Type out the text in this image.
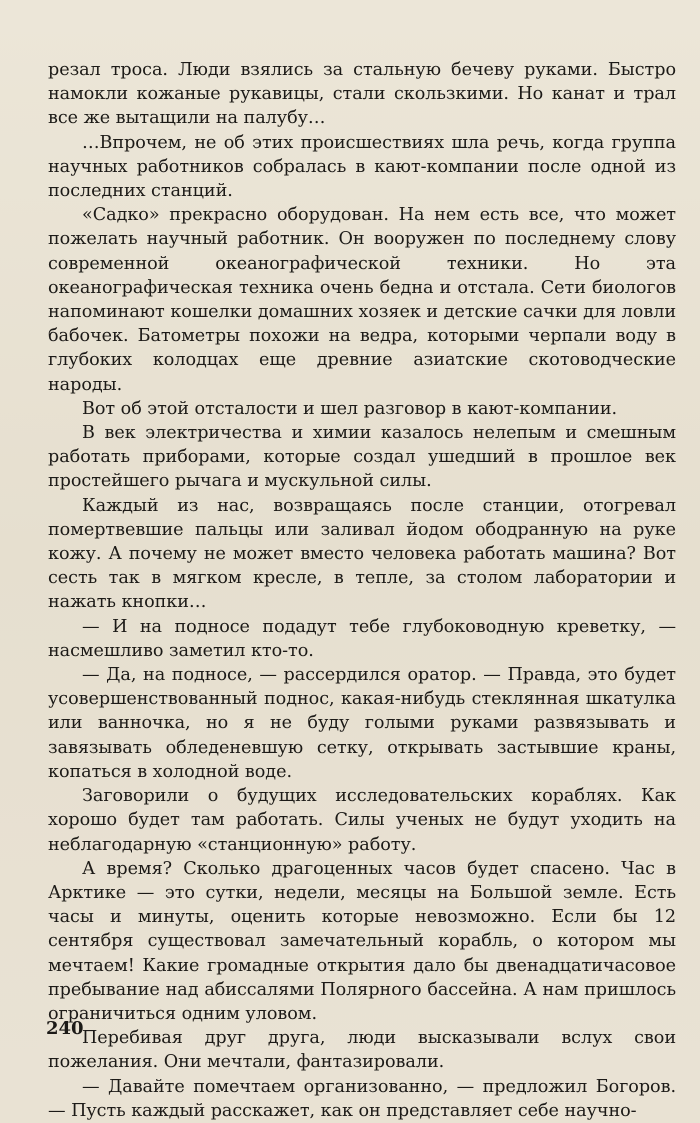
резал троса. Люди взялись за стальную бечеву руками. Быстро намокли кожаные рукавицы, стали скользкими. Но канат и трал все же вытащили на палубу…

…Впрочем, не об этих происшествиях шла речь, когда группа научных работников собралась в кают-компании после одной из последних станций.

«Садко» прекрасно оборудован. На нем есть все, что может пожелать научный работник. Он вооружен по последнему слову современной океанографической техники. Но эта океанографическая техника очень бедна и отстала. Сети биологов напоминают кошелки домашних хозяек и детские сачки для ловли бабочек. Батометры похожи на ведра, которыми черпали воду в глубоких колодцах еще древние азиатские скотоводческие народы.

Вот об этой отсталости и шел разговор в кают-компании.

В век электричества и химии казалось нелепым и смешным работать приборами, которые создал ушедший в прошлое век простейшего рычага и мускульной силы.

Каждый из нас, возвращаясь после станции, отогревал помертвевшие пальцы или заливал йодом ободранную на руке кожу. А почему не может вместо человека работать машина? Вот сесть так в мягком кресле, в тепле, за столом лаборатории и нажать кнопки…

— И на подносе подадут тебе глубоководную креветку, — насмешливо заметил кто-то.

— Да, на подносе, — рассердился оратор. — Правда, это будет усовершенствованный поднос, какая-нибудь стеклянная шкатулка или ванночка, но я не буду голыми руками развязывать и завязывать обледеневшую сетку, открывать застывшие краны, копаться в холодной воде.

Заговорили о будущих исследовательских кораблях. Как хорошо будет там работать. Силы ученых не будут уходить на неблагодарную «станционную» работу.

А время? Сколько драгоценных часов будет спасено. Час в Арктике — это сутки, недели, месяцы на Большой земле. Есть часы и минуты, оценить которые невозможно. Если бы 12 сентября существовал замечательный корабль, о котором мы мечтаем! Какие громадные открытия дало бы двенадцатичасовое пребывание над абиссалями Полярного бассейна. А нам пришлось ограничиться одним уловом.

Перебивая друг друга, люди высказывали вслух свои пожелания. Они мечтали, фантазировали.

— Давайте помечтаем организованно, — предложил Богоров. — Пусть каждый расскажет, как он представляет себе научно-

240
